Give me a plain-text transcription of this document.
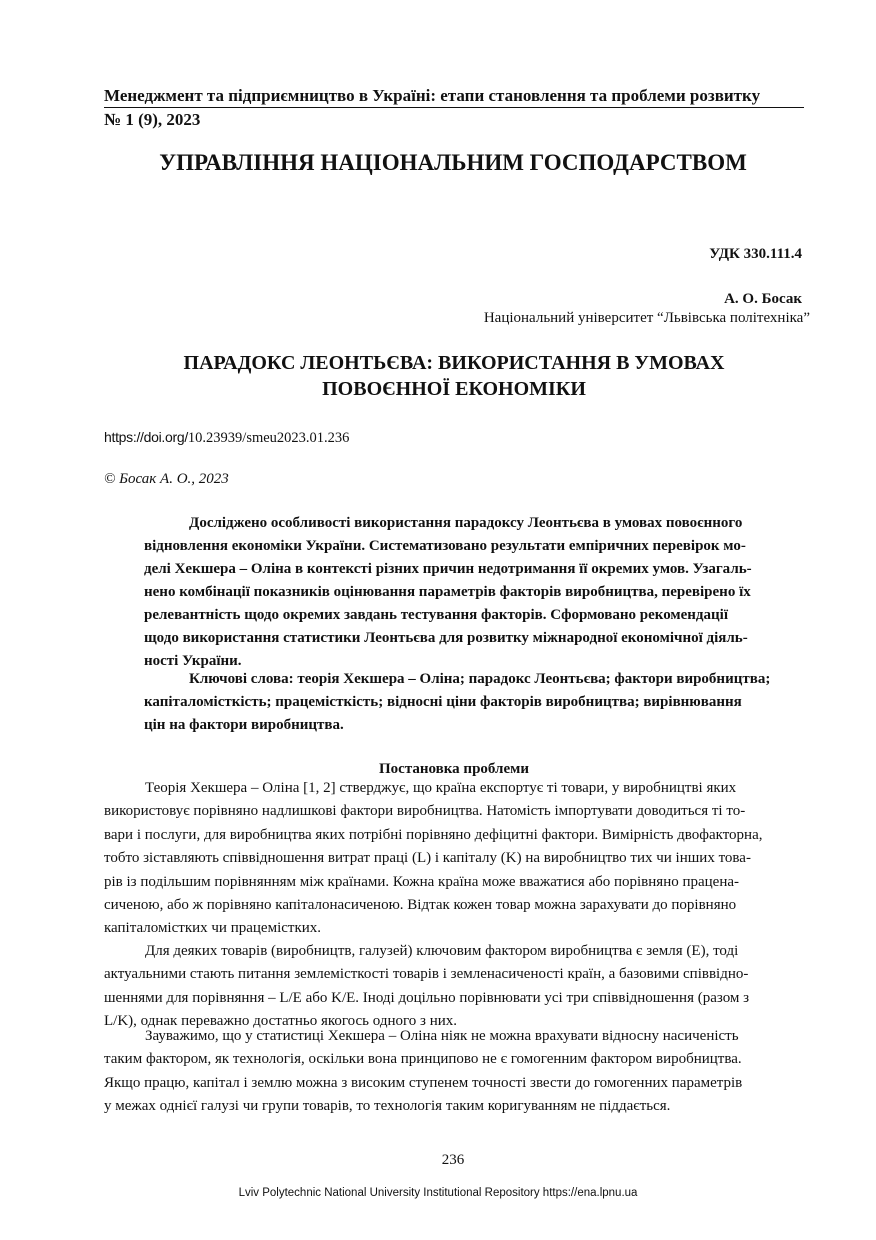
Менеджмент та підприємництво в Україні: етапи становлення та проблеми розвитку
№ 1 (9), 2023
УПРАВЛІННЯ НАЦІОНАЛЬНИМ ГОСПОДАРСТВОМ
УДК 330.111.4
А. О. Босак
Національний університет “Львівська політехніка”
ПАРАДОКС ЛЕОНТЬЄВА: ВИКОРИСТАННЯ В УМОВАХ
ПОВОЄННОЇ ЕКОНОМІКИ
https://doi.org/10.23939/smeu2023.01.236
© Босак А. О., 2023
Досліджено особливості використання парадоксу Леонтьєва в умовах повоєнного
відновлення економіки України. Систематизовано результати емпіричних перевірок мо-
делі Хекшера – Оліна в контексті різних причин недотримання її окремих умов. Узагаль-
нено комбінації показників оцінювання параметрів факторів виробництва, перевірено їх
релевантність щодо окремих завдань тестування факторів. Сформовано рекомендації
щодо використання статистики Леонтьєва для розвитку міжнародної економічної діяль-
ності України.
Ключові слова: теорія Хекшера – Оліна; парадокс Леонтьєва; фактори виробництва;
капіталомісткість; працемісткість; відносні ціни факторів виробництва; вирівнювання
цін на фактори виробництва.
Постановка проблеми
Теорія Хекшера – Оліна [1, 2] стверджує, що країна експортує ті товари, у виробництві яких
використовує порівняно надлишкові фактори виробництва. Натомість імпортувати доводиться ті то-
вари і послуги, для виробництва яких потрібні порівняно дефіцитні фактори. Вимірність двофакторна,
тобто зіставляють співвідношення витрат праці (L) і капіталу (K) на виробництво тих чи інших това-
рів із подільшим порівнянням між країнами. Кожна країна може вважатися або порівняно працена-
сиченою, або ж порівняно капіталонасиченою. Відтак кожен товар можна зарахувати до порівняно
капіталомістких чи працемістких.
Для деяких товарів (виробництв, галузей) ключовим фактором виробництва є земля (E), тоді
актуальними стають питання землемісткості товарів і земленасиченості країн, а базовими співвідно-
шеннями для порівняння – L/E або K/E. Іноді доцільно порівнювати усі три співвідношення (разом з
L/K), однак переважно достатньо якогось одного з них.
Зауважимо, що у статистиці Хекшера – Оліна ніяк не можна врахувати відносну насиченість
таким фактором, як технологія, оскільки вона принципово не є гомогенним фактором виробництва.
Якщо працю, капітал і землю можна з високим ступенем точності звести до гомогенних параметрів
у межах однієї галузі чи групи товарів, то технологія таким коригуванням не піддається.
236
Lviv Polytechnic National University Institutional Repository https://ena.lpnu.ua
